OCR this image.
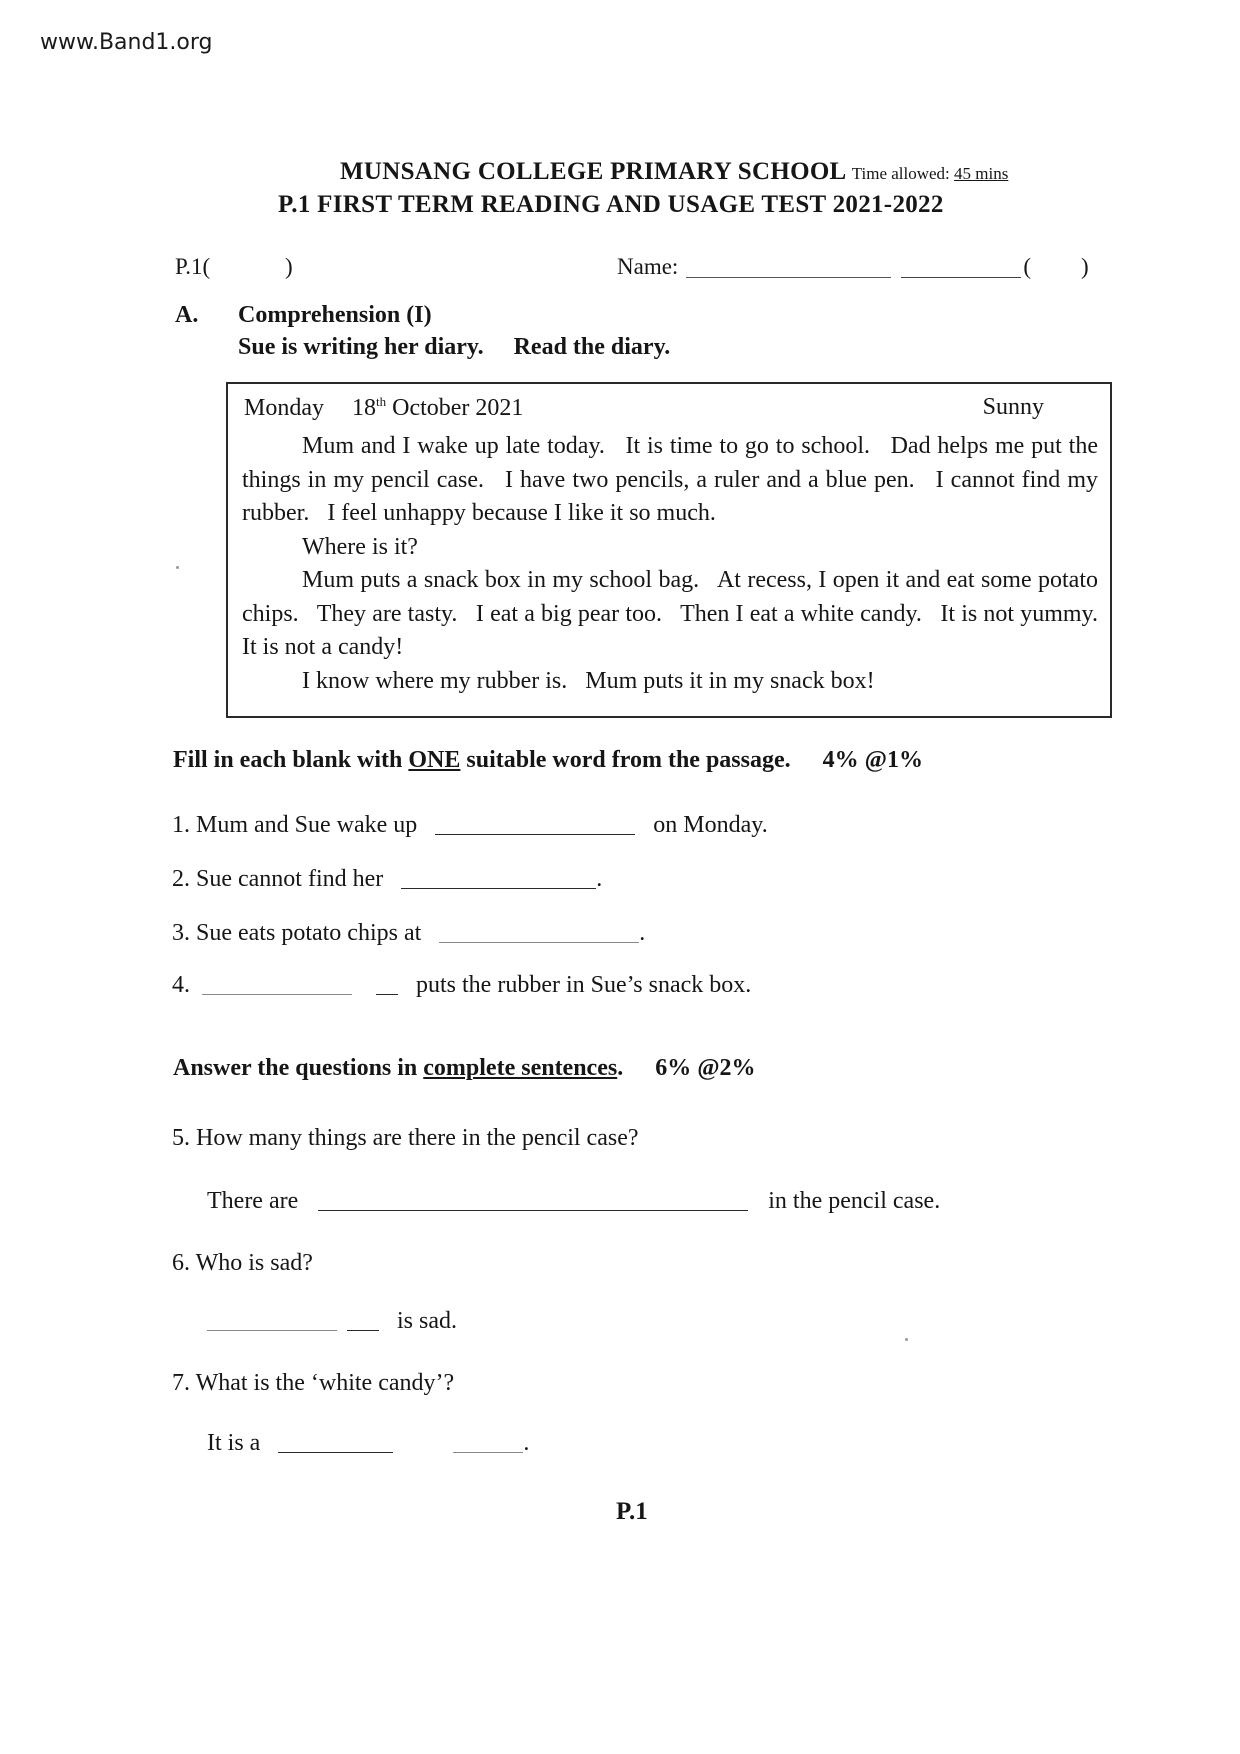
www.Band1.org
MUNSANG COLLEGE PRIMARY SCHOOL Time allowed: 45 mins
P.1 FIRST TERM READING AND USAGE TEST 2021-2022
P.1(	)	Name:	( )
A. Comprehension (I)
Sue is writing her diary. Read the diary.
Monday 18th October 2021	Sunny

Mum and I wake up late today.   It is time to go to school.   Dad helps me put the things in my pencil case.   I have two pencils, a ruler and a blue pen.   I cannot find my rubber.   I feel unhappy because I like it so much.

Where is it?

Mum puts a snack box in my school bag.   At recess, I open it and eat some potato chips.   They are tasty.   I eat a big pear too.   Then I eat a white candy.   It is not yummy.   It is not a candy!

I know where my rubber is.   Mum puts it in my snack box!

Fill in each blank with ONE suitable word from the passage. 4% @1%
1. Mum and Sue wake up	on Monday.
2. Sue cannot find her	.
3. Sue eats potato chips at	.
4.	puts the rubber in Sue’s snack box.
Answer the questions in complete sentences. 6% @2%
5. How many things are there in the pencil case?
There are	in the pencil case.
6. Who is sad?
is sad.
7. What is the ‘white candy’?
It is a	.
P.1
